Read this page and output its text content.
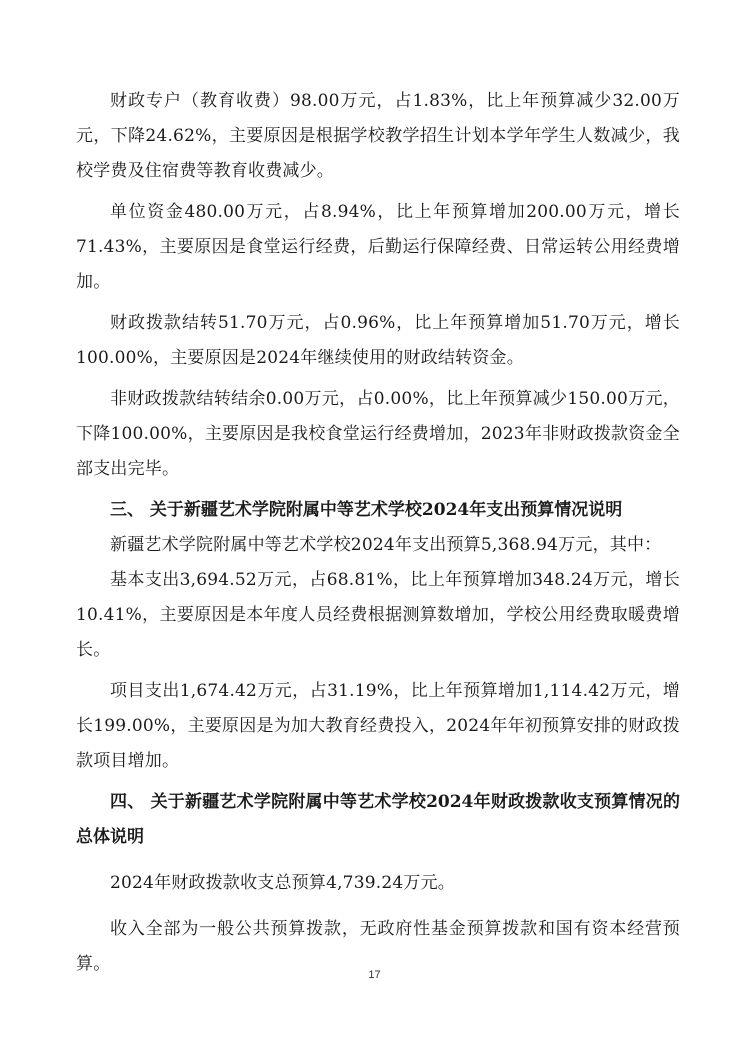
财政专户（教育收费）98.00万元，占1.83%，比上年预算减少32.00万元，下降24.62%，主要原因是根据学校教学招生计划本学年学生人数减少，我校学费及住宿费等教育收费减少。

单位资金480.00万元，占8.94%，比上年预算增加200.00万元，增长71.43%，主要原因是食堂运行经费，后勤运行保障经费、日常运转公用经费增加。

财政拨款结转51.70万元，占0.96%，比上年预算增加51.70万元，增长100.00%，主要原因是2024年继续使用的财政结转资金。

非财政拨款结转结余0.00万元，占0.00%，比上年预算减少150.00万元，下降100.00%，主要原因是我校食堂运行经费增加，2023年非财政拨款资金全部支出完毕。

三、 关于新疆艺术学院附属中等艺术学校2024年支出预算情况说明

新疆艺术学院附属中等艺术学校2024年支出预算5,368.94万元，其中：

基本支出3,694.52万元，占68.81%，比上年预算增加348.24万元，增长10.41%，主要原因是本年度人员经费根据测算数增加，学校公用经费取暖费增长。

项目支出1,674.42万元，占31.19%，比上年预算增加1,114.42万元，增长199.00%，主要原因是为加大教育经费投入，2024年年初预算安排的财政拨款项目增加。

四、 关于新疆艺术学院附属中等艺术学校2024年财政拨款收支预算情况的总体说明

2024年财政拨款收支总预算4,739.24万元。

收入全部为一般公共预算拨款，无政府性基金预算拨款和国有资本经营预算。

17
